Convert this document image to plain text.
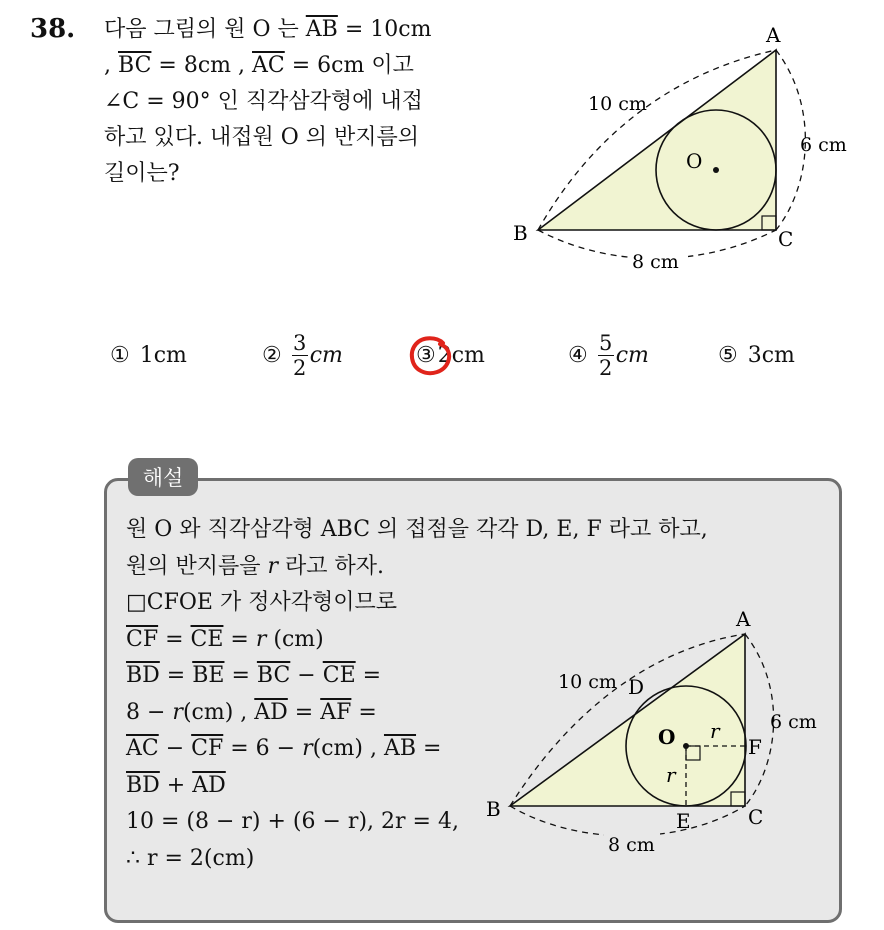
38. 다음 그림의 원 O 는 $\overline{AB} = 10cm$
, $\overline{BC} = 8cm$ , $\overline{AC} = 6cm$ 이고
∠C = 90° 인 직각삼각형에 내접
하고 있다. 내접원 O 의 반지름의
길이는?
A
B	C
O
10 cm
6 cm
8 cm
① 1cm	② $\frac{3}{2}$ cm	③ 2cm	④ $\frac{5}{2}$ cm	⑤ 3cm
해설
원 O 와 직각삼각형 ABC 의 접점을 각각 D, E, F 라고 하고,
원의 반지름을 r 라고 하자.
□CFOE 가 정사각형이므로
$\overline{CF} = \overline{CE} = r$ (cm)
$\overline{BD} = \overline{BE} = \overline{BC} - \overline{CE}$ =
8 − r(cm) , $\overline{AD} = \overline{AF}$ =
$\overline{AC} - \overline{CF} = 6 - r(cm)$ , $\overline{AB}$ =
$\overline{BD} + \overline{AD}$
10 = (8 − r) + (6 − r), 2r = 4,
∴ r = 2(cm)
A
B	C
D
E
F
O r
r
10 cm
6 cm
8 cm
